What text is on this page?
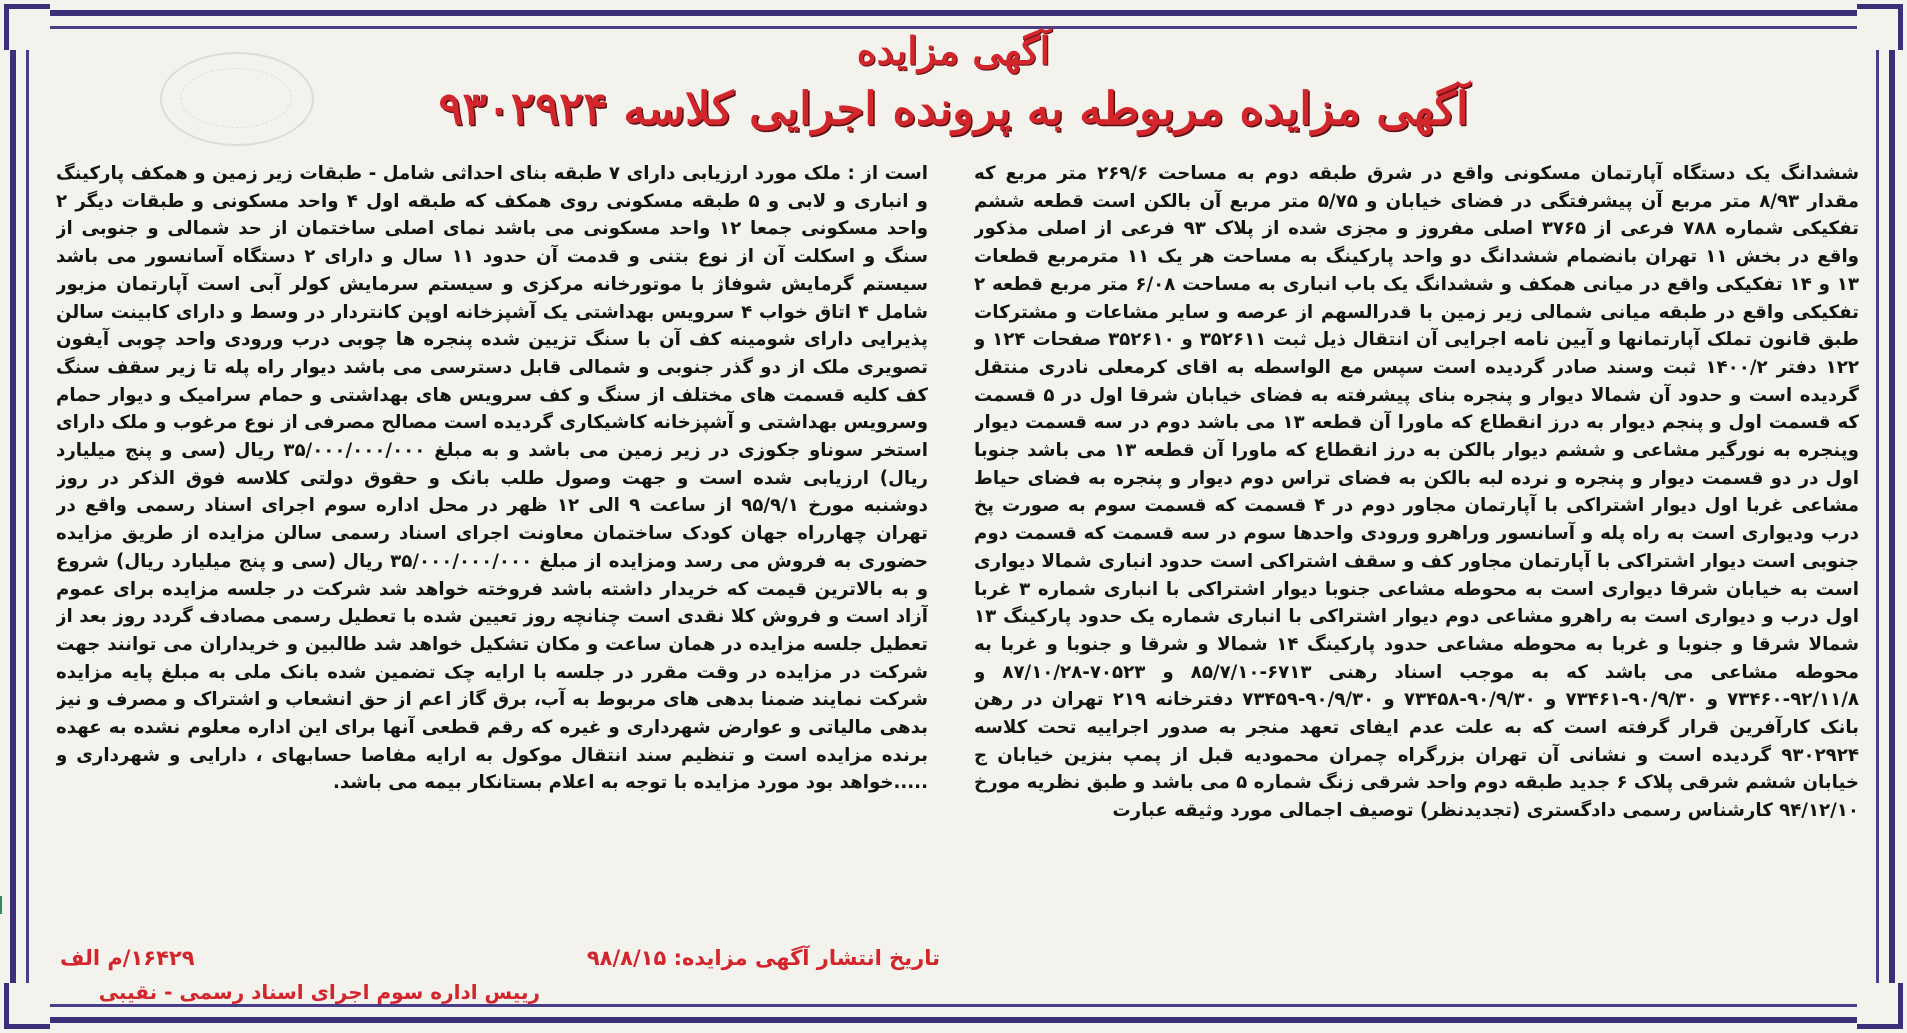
آگهی مزایده
آگهی مزایده مربوطه به پرونده اجرایی کلاسه ۹۳۰۲۹۲۴
ششدانگ یک دستگاه آپارتمان مسکونی واقع در شرق طبقه دوم به مساحت ۲۶۹/۶ متر مربع که مقدار ۸/۹۳ متر مربع آن پیشرفتگی در فضای خیابان و ۵/۷۵ متر مربع آن بالکن است قطعه ششم تفکیکی شماره ۷۸۸ فرعی از ۳۷۶۵ اصلی مفروز و مجزی شده از پلاک ۹۳ فرعی از اصلی مذکور واقع در بخش ۱۱ تهران بانضمام ششدانگ دو واحد پارکینگ به مساحت هر یک ۱۱ مترمربع قطعات ۱۳ و ۱۴ تفکیکی واقع در میانی همکف و ششدانگ یک باب انباری به مساحت ۶/۰۸ متر مربع قطعه ۲ تفکیکی واقع در طبقه میانی شمالی زیر زمین با قدرالسهم از عرصه و سایر مشاعات و مشترکات طبق قانون تملک آپارتمانها و آیین نامه اجرایی آن انتقال ذیل ثبت ۳۵۲۶۱۱ و ۳۵۲۶۱۰ صفحات ۱۲۴ و ۱۲۲ دفتر ۱۴۰۰/۲ ثبت وسند صادر گردیده است سپس مع الواسطه به اقای کرمعلی نادری منتقل گردیده است و حدود آن شمالا دیوار و پنجره بنای پیشرفته به فضای خیابان شرقا اول در ۵ قسمت که قسمت اول و پنجم دیوار به درز انقطاع که ماورا آن قطعه ۱۳ می باشد دوم در سه قسمت دیوار وپنجره به نورگیر مشاعی و ششم دیوار بالکن به درز انقطاع که ماورا آن قطعه ۱۳ می باشد جنوبا اول در دو قسمت دیوار و پنجره و نرده لبه بالکن به فضای تراس دوم دیوار و پنجره به فضای حیاط مشاعی غربا اول دیوار اشتراکی با آپارتمان مجاور دوم در ۴ قسمت که قسمت سوم به صورت پخ درب ودیواری است به راه پله و آسانسور وراهرو ورودی واحدها سوم در سه قسمت که قسمت دوم جنوبی است دیوار اشتراکی با آپارتمان مجاور کف و سقف اشتراکی است حدود انباری شمالا دیواری است به خیابان شرقا دیواری است به محوطه مشاعی جنوبا دیوار اشتراکی با انباری شماره ۳ غربا اول درب و دیواری است به راهرو مشاعی دوم دیوار اشتراکی با انباری شماره یک حدود پارکینگ ۱۳ شمالا شرقا و جنوبا و غربا به محوطه مشاعی حدود پارکینگ ۱۴ شمالا و شرقا و جنوبا و غربا به محوطه مشاعی می باشد که به موجب اسناد رهنی ۶۷۱۳-۸۵/۷/۱۰ و ۷۰۵۲۳-۸۷/۱۰/۲۸ و ۹۲/۱۱/۸-۷۳۴۶۰ و ۹۰/۹/۳۰-۷۳۴۶۱ و ۹۰/۹/۳۰-۷۳۴۵۸ و ۹۰/۹/۳۰-۷۳۴۵۹ دفترخانه ۲۱۹ تهران در رهن بانک کارآفرین قرار گرفته است که به علت عدم ایفای تعهد منجر به صدور اجراییه تحت کلاسه ۹۳۰۲۹۲۴ گردیده است و نشانی آن تهران بزرگراه چمران محمودیه قبل از پمپ بنزین خیابان ج خیابان ششم شرقی پلاک ۶ جدید طبقه دوم واحد شرقی زنگ شماره ۵ می باشد و طبق نظریه مورخ ۹۴/۱۲/۱۰ کارشناس رسمی دادگستری (تجدیدنظر) توصیف اجمالی مورد وثیقه عبارت
است از : ملک مورد ارزیابی دارای ۷ طبقه بنای احداثی شامل - طبقات زیر زمین و همکف پارکینگ و انباری و لابی و ۵ طبقه مسکونی روی همکف که طبقه اول ۴ واحد مسکونی و طبقات دیگر ۲ واحد مسکونی جمعا ۱۲ واحد مسکونی می باشد نمای اصلی ساختمان از حد شمالی و جنوبی از سنگ و اسکلت آن از نوع بتنی و قدمت آن حدود ۱۱ سال و دارای ۲ دستگاه آسانسور می باشد سیستم گرمایش شوفاژ با موتورخانه مرکزی و سیستم سرمایش کولر آبی است آپارتمان مزبور شامل ۴ اتاق خواب ۴ سرویس بهداشتی یک آشپزخانه اوپن کانتردار در وسط و دارای کابینت سالن پذیرایی دارای شومینه کف آن با سنگ تزیین شده پنجره ها چوبی درب ورودی واحد چوبی آیفون تصویری ملک از دو گذر جنوبی و شمالی قابل دسترسی می باشد دیوار راه پله تا زیر سقف سنگ کف کلیه قسمت های مختلف از سنگ و کف سرویس های بهداشتی و حمام سرامیک و دیوار حمام وسرویس بهداشتی و آشپزخانه کاشیکاری گردیده است مصالح مصرفی از نوع مرغوب و ملک دارای استخر سوناو جکوزی در زیر زمین می باشد و به مبلغ ۳۵/۰۰۰/۰۰۰/۰۰۰ ریال (سی و پنج میلیارد ریال) ارزیابی شده است و جهت وصول طلب بانک و حقوق دولتی کلاسه فوق الذکر در روز دوشنبه مورخ ۹۵/۹/۱ از ساعت ۹ الی ۱۲ ظهر در محل اداره سوم اجرای اسناد رسمی واقع در تهران چهارراه جهان کودک ساختمان معاونت اجرای اسناد رسمی سالن مزایده از طریق مزایده حضوری به فروش می رسد ومزایده از مبلغ ۳۵/۰۰۰/۰۰۰/۰۰۰ ریال (سی و پنج میلیارد ریال) شروع و به بالاترین قیمت که خریدار داشته باشد فروخته خواهد شد شرکت در جلسه مزایده برای عموم آزاد است و فروش کلا نقدی است چنانچه روز تعیین شده با تعطیل رسمی مصادف گردد روز بعد از تعطیل جلسه مزایده در همان ساعت و مکان تشکیل خواهد شد طالبین و خریداران می توانند جهت شرکت در مزایده در وقت مقرر در جلسه با ارایه چک تضمین شده بانک ملی به مبلغ پایه مزایده شرکت نمایند ضمنا بدهی های مربوط به آب، برق گاز اعم از حق انشعاب و اشتراک و مصرف و نیز بدهی مالیاتی و عوارض شهرداری و غیره که رقم قطعی آنها برای این اداره معلوم نشده به عهده برنده مزایده است و تنظیم سند انتقال موکول به ارایه مفاصا حسابهای ، دارایی و شهرداری و .....خواهد بود مورد مزایده با توجه به اعلام بستانکار بیمه می باشد.
تاریخ انتشار آگهی مزایده: ۹۸/۸/۱۵
۱۶۴۲۹/م الف
رییس اداره سوم اجرای اسناد رسمی - نقیبی
